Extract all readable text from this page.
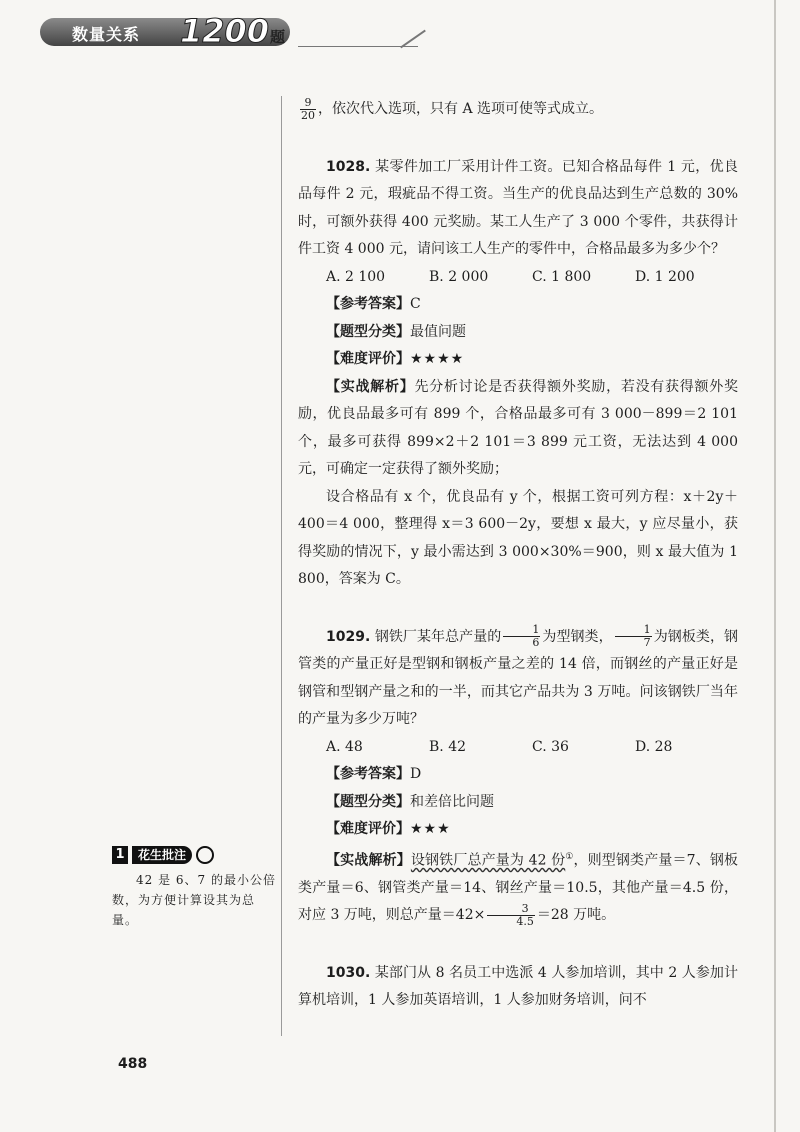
数量关系 1200 题

$\frac{9}{20}$ ，依次代入选项，只有 A 选项可使等式成立。

1028. 某零件加工厂采用计件工资。已知合格品每件 1 元，优良品每件 2 元，瑕疵品不得工资。当生产的优良品达到生产总数的 30% 时，可额外获得 400 元奖励。某工人生产了 3 000 个零件，共获得计件工资 4 000 元，请问该工人生产的零件中，合格品最多为多少个？

A. 2 100	B. 2 000	C. 1 800	D. 1 200
【参考答案】C
【题型分类】最值问题
【难度评价】★★★★

【实战解析】先分析讨论是否获得额外奖励，若没有获得额外奖励，优良品最多可有 899 个，合格品最多可有 3 000－899＝2 101 个，最多可获得 899×2＋2 101＝3 899 元工资，无法达到 4 000 元，可确定一定获得了额外奖励；

设合格品有 x 个，优良品有 y 个，根据工资可列方程：x＋2y＋400＝4 000，整理得 x＝3 600－2y，要想 x 最大，y 应尽量小，获得奖励的情况下，y 最小需达到 3 000×30%＝900，则 x 最大值为 1 800，答案为 C。

1029. 钢铁厂某年总产量的 $\frac{1}{6}$ 为型钢类， $\frac{1}{7}$ 为钢板类，钢管类的产量正好是型钢和钢板产量之差的 14 倍，而钢丝的产量正好是钢管和型钢产量之和的一半，而其它产品共为 3 万吨。问该钢铁厂当年的产量为多少万吨？

A. 48	B. 42	C. 36	D. 28
【参考答案】D
【题型分类】和差倍比问题
【难度评价】★★★

【实战解析】设钢铁厂总产量为 42 份①，则型钢类产量＝7、钢板类产量＝6、钢管类产量＝14、钢丝产量＝10.5，其他产量＝4.5 份，对应 3 万吨，则总产量$=42\times \frac{3}{4.5} =28$ 万吨。

1030. 某部门从 8 名员工中选派 4 人参加培训，其中 2 人参加计算机培训，1 人参加英语培训，1 人参加财务培训，问不

1	花生批注

42 是 6、7 的最小公倍数，为方便计算设其为总量。

488
